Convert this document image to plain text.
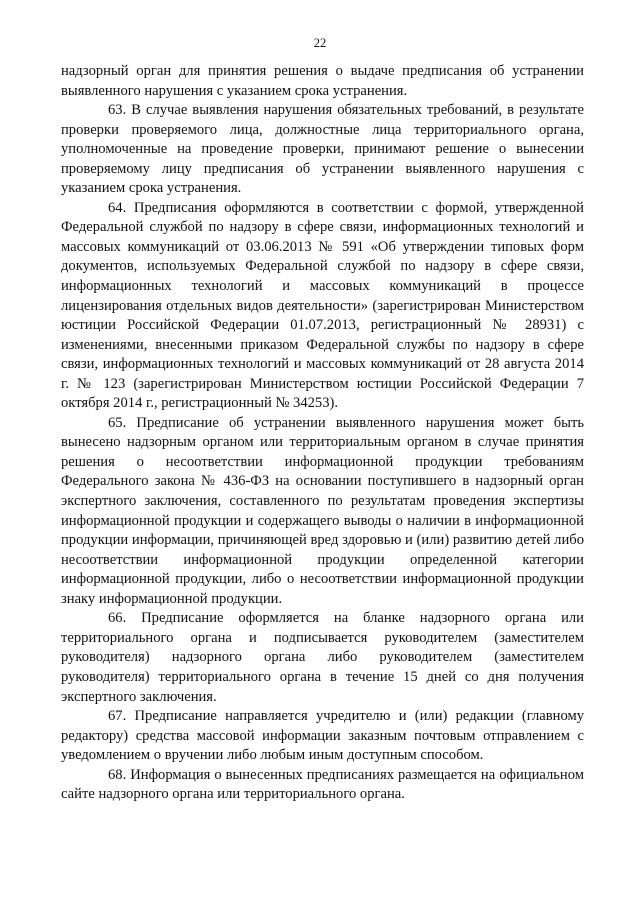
22

надзорный орган для принятия решения о выдаче предписания об устранении выявленного нарушения с указанием срока устранения.

63. В случае выявления нарушения обязательных требований, в результате проверки проверяемого лица, должностные лица территориального органа, уполномоченные на проведение проверки, принимают решение о вынесении проверяемому лицу предписания об устранении выявленного нарушения с указанием срока устранения.

64. Предписания оформляются в соответствии с формой, утвержденной Федеральной службой по надзору в сфере связи, информационных технологий и массовых коммуникаций от 03.06.2013 № 591 «Об утверждении типовых форм документов, используемых Федеральной службой по надзору в сфере связи, информационных технологий и массовых коммуникаций в процессе лицензирования отдельных видов деятельности» (зарегистрирован Министерством юстиции Российской Федерации 01.07.2013, регистрационный № 28931) с изменениями, внесенными приказом Федеральной службы по надзору в сфере связи, информационных технологий и массовых коммуникаций от 28 августа 2014 г. № 123 (зарегистрирован Министерством юстиции Российской Федерации 7 октября 2014 г., регистрационный № 34253).

65. Предписание об устранении выявленного нарушения может быть вынесено надзорным органом или территориальным органом в случае принятия решения о несоответствии информационной продукции требованиям Федерального закона № 436-ФЗ на основании поступившего в надзорный орган экспертного заключения, составленного по результатам проведения экспертизы информационной продукции и содержащего выводы о наличии в информационной продукции информации, причиняющей вред здоровью и (или) развитию детей либо несоответствии информационной продукции определенной категории информационной продукции, либо о несоответствии информационной продукции знаку информационной продукции.

66. Предписание оформляется на бланке надзорного органа или территориального органа и подписывается руководителем (заместителем руководителя) надзорного органа либо руководителем (заместителем руководителя) территориального органа в течение 15 дней со дня получения экспертного заключения.

67. Предписание направляется учредителю и (или) редакции (главному редактору) средства массовой информации заказным почтовым отправлением с уведомлением о вручении либо любым иным доступным способом.

68. Информация о вынесенных предписаниях размещается на официальном сайте надзорного органа или территориального органа.
